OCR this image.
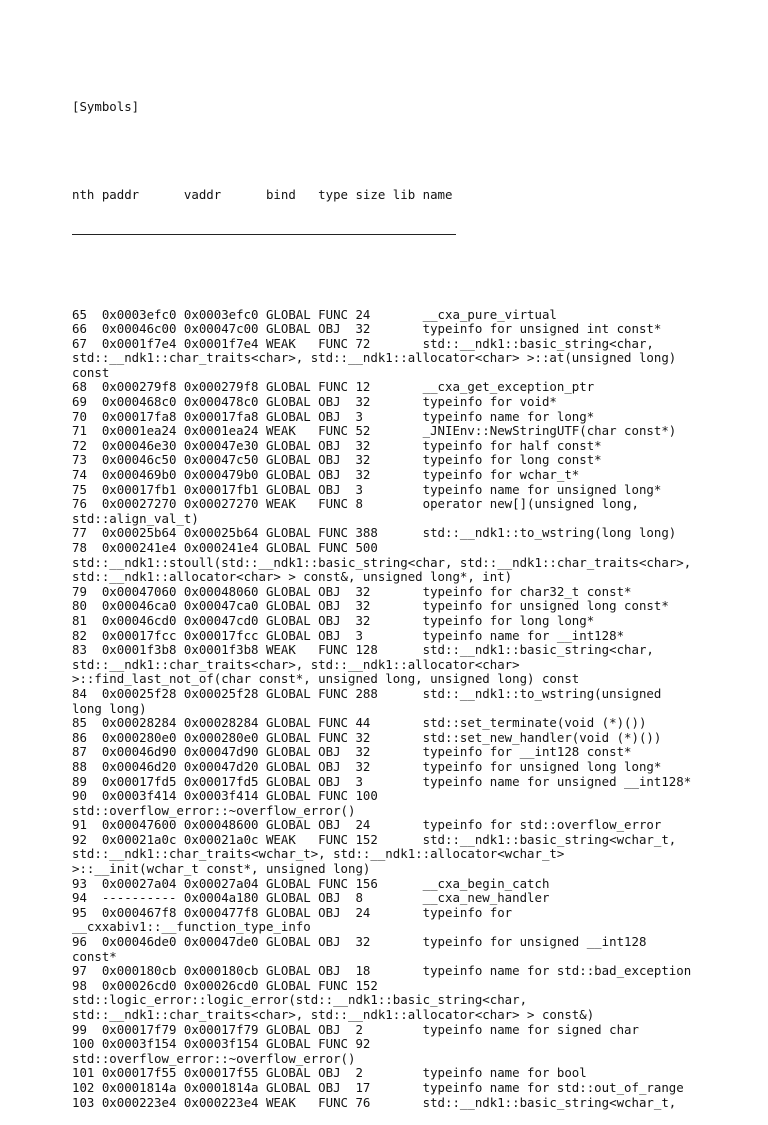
[Symbols]

nth paddr      vaddr      bind   type size lib name

65  0x0003efc0 0x0003efc0 GLOBAL FUNC 24       __cxa_pure_virtual
66  0x00046c00 0x00047c00 GLOBAL OBJ  32       typeinfo for unsigned int const*
67  0x0001f7e4 0x0001f7e4 WEAK   FUNC 72       std::__ndk1::basic_string<char,
std::__ndk1::char_traits<char>, std::__ndk1::allocator<char> >::at(unsigned long)
const
68  0x000279f8 0x000279f8 GLOBAL FUNC 12       __cxa_get_exception_ptr
69  0x000468c0 0x000478c0 GLOBAL OBJ  32       typeinfo for void*
70  0x00017fa8 0x00017fa8 GLOBAL OBJ  3        typeinfo name for long*
71  0x0001ea24 0x0001ea24 WEAK   FUNC 52       _JNIEnv::NewStringUTF(char const*)
72  0x00046e30 0x00047e30 GLOBAL OBJ  32       typeinfo for half const*
73  0x00046c50 0x00047c50 GLOBAL OBJ  32       typeinfo for long const*
74  0x000469b0 0x000479b0 GLOBAL OBJ  32       typeinfo for wchar_t*
75  0x00017fb1 0x00017fb1 GLOBAL OBJ  3        typeinfo name for unsigned long*
76  0x00027270 0x00027270 WEAK   FUNC 8        operator new[](unsigned long,
std::align_val_t)
77  0x00025b64 0x00025b64 GLOBAL FUNC 388      std::__ndk1::to_wstring(long long)
78  0x000241e4 0x000241e4 GLOBAL FUNC 500
std::__ndk1::stoull(std::__ndk1::basic_string<char, std::__ndk1::char_traits<char>,
std::__ndk1::allocator<char> > const&, unsigned long*, int)
79  0x00047060 0x00048060 GLOBAL OBJ  32       typeinfo for char32_t const*
80  0x00046ca0 0x00047ca0 GLOBAL OBJ  32       typeinfo for unsigned long const*
81  0x00046cd0 0x00047cd0 GLOBAL OBJ  32       typeinfo for long long*
82  0x00017fcc 0x00017fcc GLOBAL OBJ  3        typeinfo name for __int128*
83  0x0001f3b8 0x0001f3b8 WEAK   FUNC 128      std::__ndk1::basic_string<char,
std::__ndk1::char_traits<char>, std::__ndk1::allocator<char>
>::find_last_not_of(char const*, unsigned long, unsigned long) const
84  0x00025f28 0x00025f28 GLOBAL FUNC 288      std::__ndk1::to_wstring(unsigned
long long)
85  0x00028284 0x00028284 GLOBAL FUNC 44       std::set_terminate(void (*)())
86  0x000280e0 0x000280e0 GLOBAL FUNC 32       std::set_new_handler(void (*)())
87  0x00046d90 0x00047d90 GLOBAL OBJ  32       typeinfo for __int128 const*
88  0x00046d20 0x00047d20 GLOBAL OBJ  32       typeinfo for unsigned long long*
89  0x00017fd5 0x00017fd5 GLOBAL OBJ  3        typeinfo name for unsigned __int128*
90  0x0003f414 0x0003f414 GLOBAL FUNC 100
std::overflow_error::~overflow_error()
91  0x00047600 0x00048600 GLOBAL OBJ  24       typeinfo for std::overflow_error
92  0x00021a0c 0x00021a0c WEAK   FUNC 152      std::__ndk1::basic_string<wchar_t,
std::__ndk1::char_traits<wchar_t>, std::__ndk1::allocator<wchar_t>
>::__init(wchar_t const*, unsigned long)
93  0x00027a04 0x00027a04 GLOBAL FUNC 156      __cxa_begin_catch
94  ---------- 0x0004a180 GLOBAL OBJ  8        __cxa_new_handler
95  0x000467f8 0x000477f8 GLOBAL OBJ  24       typeinfo for
__cxxabiv1::__function_type_info
96  0x00046de0 0x00047de0 GLOBAL OBJ  32       typeinfo for unsigned __int128
const*
97  0x000180cb 0x000180cb GLOBAL OBJ  18       typeinfo name for std::bad_exception
98  0x00026cd0 0x00026cd0 GLOBAL FUNC 152
std::logic_error::logic_error(std::__ndk1::basic_string<char,
std::__ndk1::char_traits<char>, std::__ndk1::allocator<char> > const&)
99  0x00017f79 0x00017f79 GLOBAL OBJ  2        typeinfo name for signed char
100 0x0003f154 0x0003f154 GLOBAL FUNC 92
std::overflow_error::~overflow_error()
101 0x00017f55 0x00017f55 GLOBAL OBJ  2        typeinfo name for bool
102 0x0001814a 0x0001814a GLOBAL OBJ  17       typeinfo name for std::out_of_range
103 0x000223e4 0x000223e4 WEAK   FUNC 76       std::__ndk1::basic_string<wchar_t,
